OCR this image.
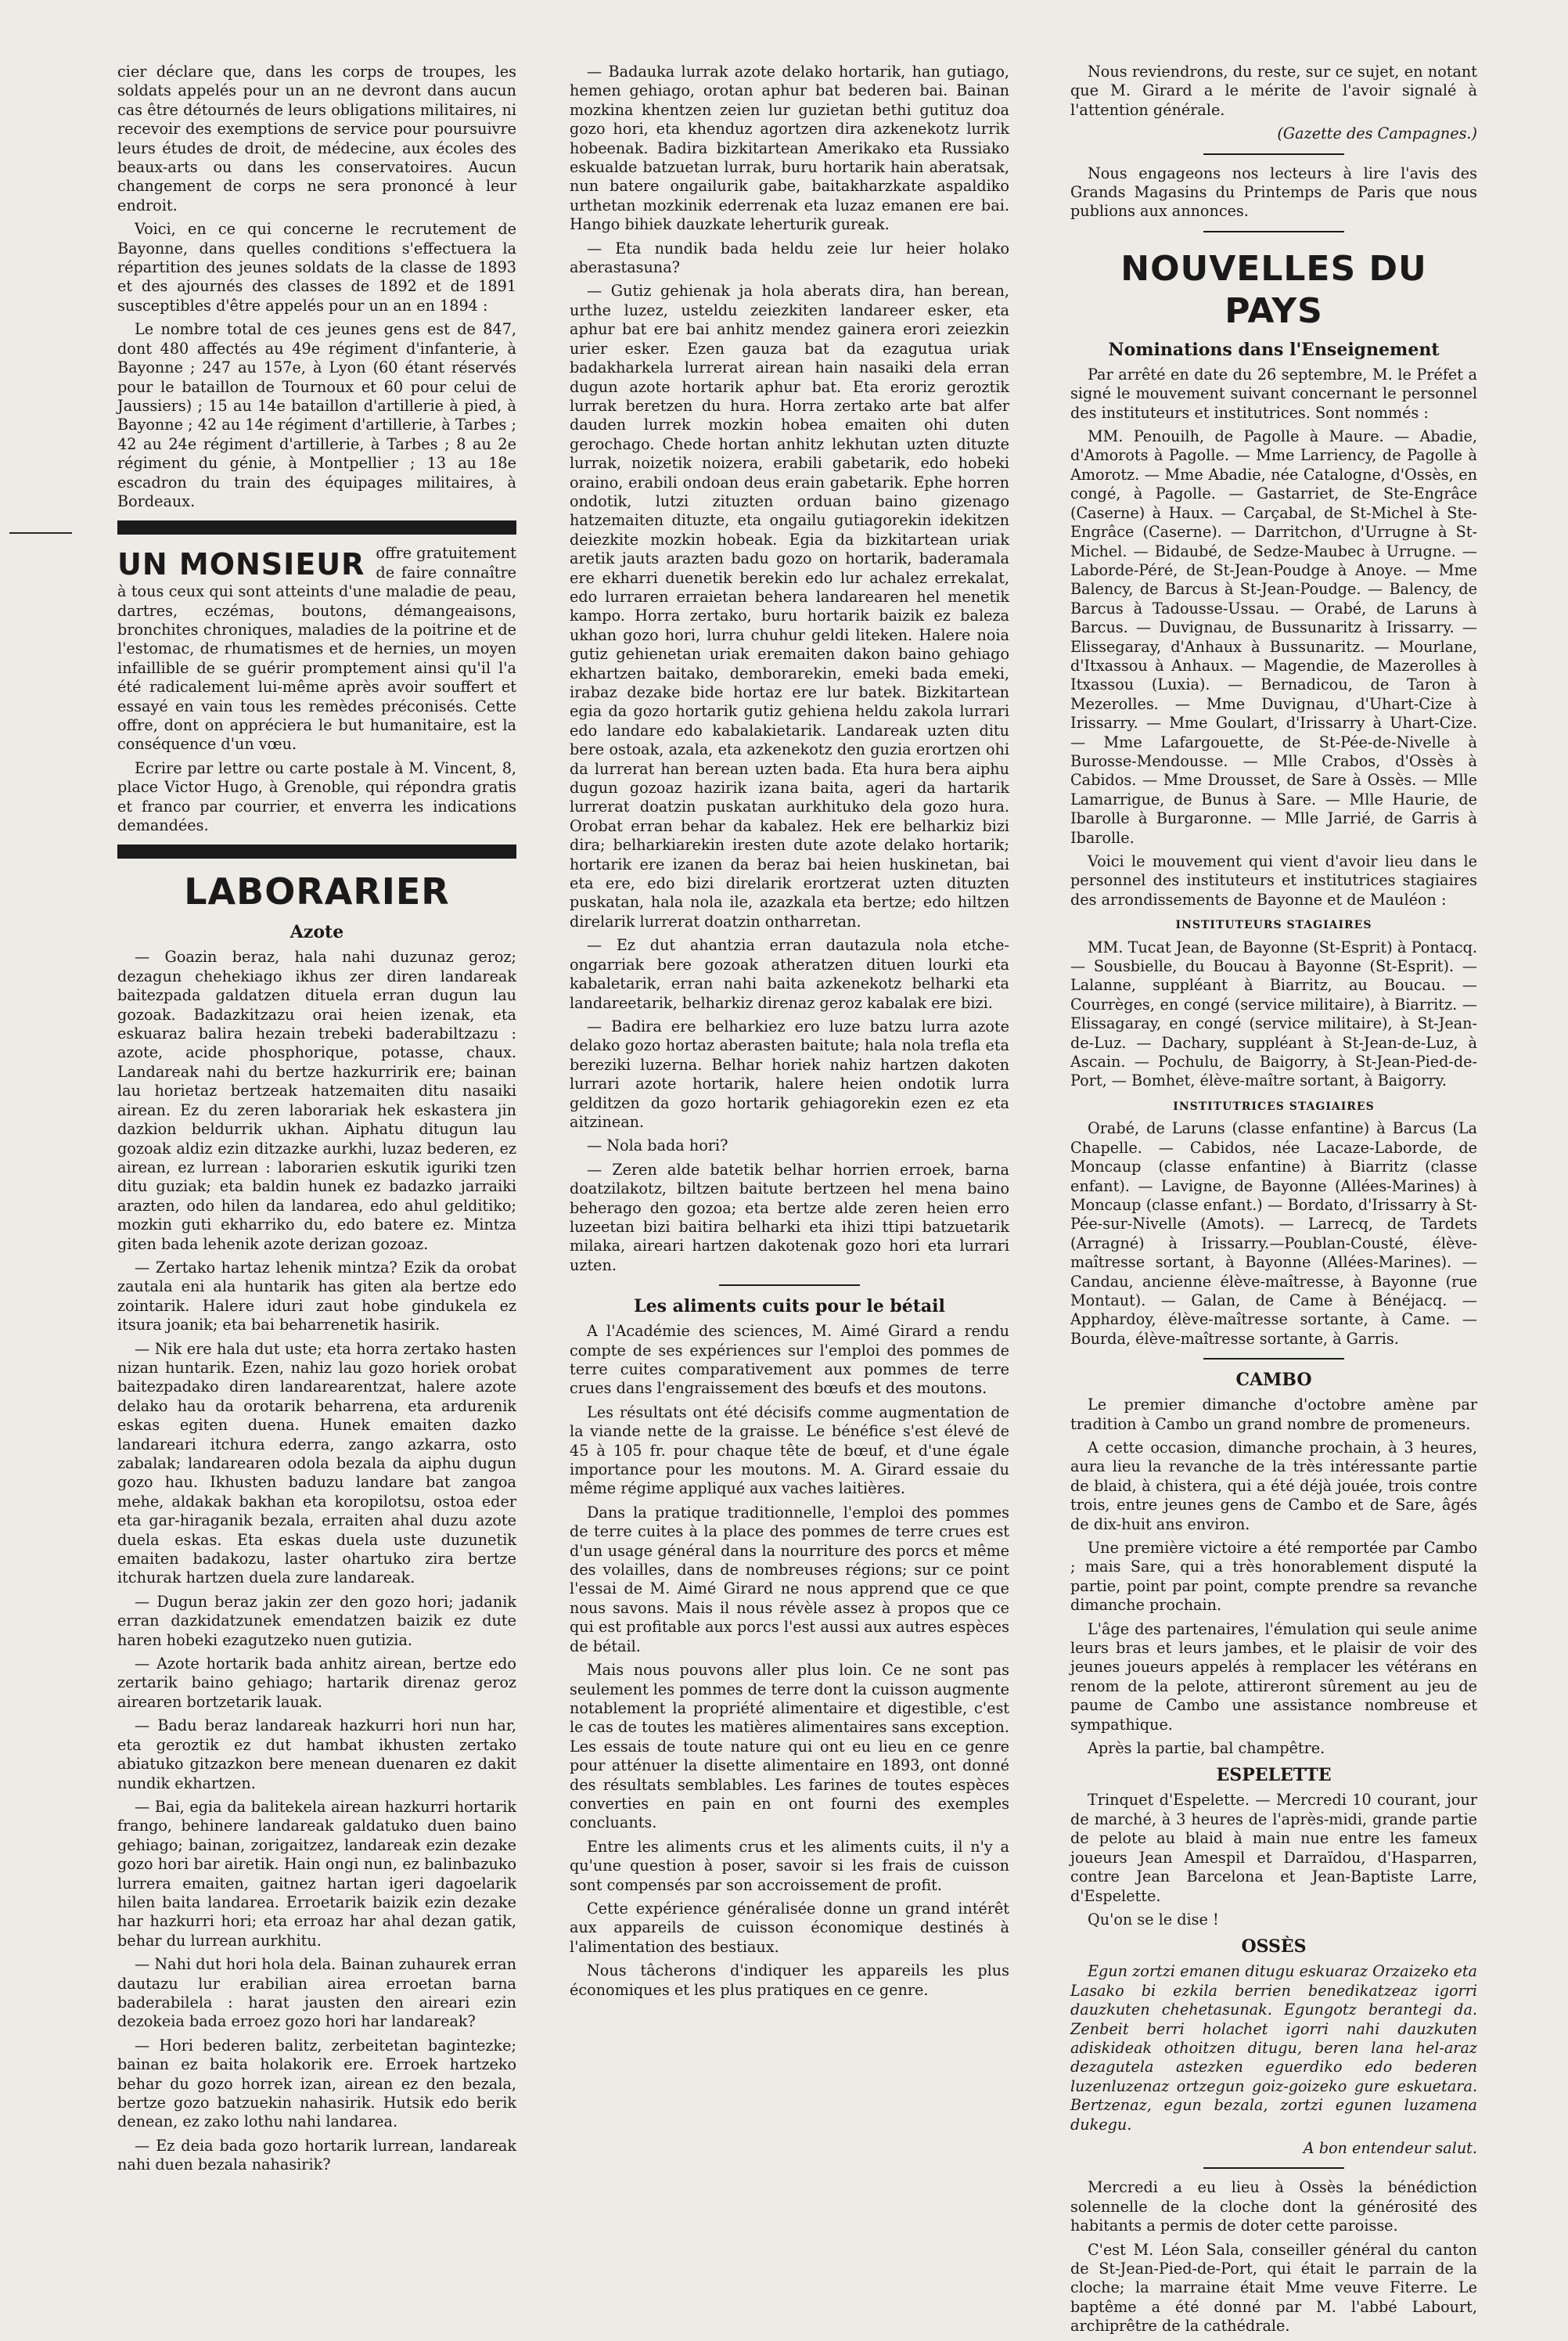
cier déclare que, dans les corps de troupes, les soldats appelés pour un an ne devront dans aucun cas être détournés de leurs obligations militaires, ni recevoir des exemptions de service pour poursuivre leurs études de droit, de médecine, aux écoles des beaux-arts ou dans les conservatoires. Aucun changement de corps ne sera prononcé à leur endroit.

Voici, en ce qui concerne le recrutement de Bayonne, dans quelles conditions s'effectuera la répartition des jeunes soldats de la classe de 1893 et des ajournés des classes de 1892 et de 1891 susceptibles d'être appelés pour un an en 1894 :

Le nombre total de ces jeunes gens est de 847, dont 480 affectés au 49e régiment d'infanterie, à Bayonne ; 247 au 157e, à Lyon (60 étant réservés pour le bataillon de Tournoux et 60 pour celui de Jaussiers) ; 15 au 14e bataillon d'artillerie à pied, à Bayonne ; 42 au 14e régiment d'artillerie, à Tarbes ; 42 au 24e régiment d'artillerie, à Tarbes ; 8 au 2e régiment du génie, à Montpellier ; 13 au 18e escadron du train des équipages militaires, à Bordeaux.

UN MONSIEUR offre gratuitement de faire connaître à tous ceux qui sont atteints d'une maladie de peau, dartres, eczémas, boutons, démangeaisons, bronchites chroniques, maladies de la poitrine et de l'estomac, de rhumatismes et de hernies, un moyen infaillible de se guérir promptement ainsi qu'il l'a été radicalement lui-même après avoir souffert et essayé en vain tous les remèdes préconisés. Cette offre, dont on appréciera le but humanitaire, est la conséquence d'un vœu.

Ecrire par lettre ou carte postale à M. Vincent, 8, place Victor Hugo, à Grenoble, qui répondra gratis et franco par courrier, et enverra les indications demandées.

LABORARIER
Azote

— Goazin beraz, hala nahi duzunaz geroz; dezagun chehekiago ikhus zer diren landareak baitezpada galdatzen dituela erran dugun lau gozoak. Badazkitzazu orai heien izenak, eta eskuaraz balira hezain trebeki baderabiltzazu : azote, acide phosphorique, potasse, chaux. Landareak nahi du bertze hazkurririk ere; bainan lau horietaz bertzeak hatzemaiten ditu nasaiki airean. Ez du zeren laborariak hek eskastera jin dazkion beldurrik ukhan. Aiphatu ditugun lau gozoak aldiz ezin ditzazke aurkhi, luzaz bederen, ez airean, ez lurrean : laborarien eskutik iguriki tzen ditu guziak; eta baldin hunek ez badazko jarraiki arazten, odo hilen da landarea, edo ahul gelditiko; mozkin guti ekharriko du, edo batere ez. Mintza giten bada lehenik azote derizan gozoaz.

— Zertako hartaz lehenik mintza? Ezik da orobat zautala eni ala huntarik has giten ala bertze edo zointarik. Halere iduri zaut hobe gindukela ez itsura joanik; eta bai beharrenetik hasirik.

— Nik ere hala dut uste; eta horra zertako hasten nizan huntarik. Ezen, nahiz lau gozo horiek orobat baitezpadako diren landarearentzat, halere azote delako hau da orotarik beharrena, eta ardurenik eskas egiten duena. Hunek emaiten dazko landareari itchura ederra, zango azkarra, osto zabalak; landarearen odola bezala da aiphu dugun gozo hau. Ikhusten baduzu landare bat zangoa mehe, aldakak bakhan eta koropilotsu, ostoa eder eta gar-hiraganik bezala, erraiten ahal duzu azote duela eskas. Eta eskas duela uste duzunetik emaiten badakozu, laster ohartuko zira bertze itchurak hartzen duela zure landareak.

— Dugun beraz jakin zer den gozo hori; jadanik erran dazkidatzunek emendatzen baizik ez dute haren hobeki ezagutzeko nuen gutizia.

— Azote hortarik bada anhitz airean, bertze edo zertarik baino gehiago; hartarik direnaz geroz airearen bortzetarik lauak.

— Badu beraz landareak hazkurri hori nun har, eta geroztik ez dut hambat ikhusten zertako abiatuko gitzazkon bere menean duenaren ez dakit nundik ekhartzen.

— Bai, egia da balitekela airean hazkurri hortarik frango, behinere landareak galdatuko duen baino gehiago; bainan, zorigaitzez, landareak ezin dezake gozo hori bar airetik. Hain ongi nun, ez balinbazuko lurrera emaiten, gaitnez hartan igeri dagoelarik hilen baita landarea. Erroetarik baizik ezin dezake har hazkurri hori; eta erroaz har ahal dezan gatik, behar du lurrean aurkhitu.

— Nahi dut hori hola dela. Bainan zuhaurek erran dautazu lur erabilian airea erroetan barna baderabilela : harat jausten den aireari ezin dezokeia bada erroez gozo hori har landareak?

— Hori bederen balitz, zerbeitetan bagintezke; bainan ez baita holakorik ere. Erroek hartzeko behar du gozo horrek izan, airean ez den bezala, bertze gozo batzuekin nahasirik. Hutsik edo berik denean, ez zako lothu nahi landarea.

— Ez deia bada gozo hortarik lurrean, landareak nahi duen bezala nahasirik?

— Badauka lurrak azote delako hortarik, han gutiago, hemen gehiago, orotan aphur bat bederen bai. Bainan mozkina khentzen zeien lur guzietan bethi gutituz doa gozo hori, eta khenduz agortzen dira azkenekotz lurrik hobeenak. Badira bizkitartean Amerikako eta Russiako eskualde batzuetan lurrak, buru hortarik hain aberatsak, nun batere ongailurik gabe, baitakharzkate aspaldiko urthetan mozkinik ederrenak eta luzaz emanen ere bai. Hango bihiek dauzkate leherturik gureak.

— Eta nundik bada heldu zeie lur heier holako aberastasuna?

— Gutiz gehienak ja hola aberats dira, han berean, urthe luzez, usteldu zeiezkiten landareer esker, eta aphur bat ere bai anhitz mendez gainera erori zeiezkin urier esker. Ezen gauza bat da ezagutua uriak badakharkela lurrerat airean hain nasaiki dela erran dugun azote hortarik aphur bat. Eta eroriz geroztik lurrak beretzen du hura. Horra zertako arte bat alfer dauden lurrek mozkin hobea emaiten ohi duten gerochago. Chede hortan anhitz lekhutan uzten dituzte lurrak, noizetik noizera, erabili gabetarik, edo hobeki oraino, erabili ondoan deus erain gabetarik. Ephe horren ondotik, lutzi zituzten orduan baino gizenago hatzemaiten dituzte, eta ongailu gutiagorekin idekitzen deiezkite mozkin hobeak. Egia da bizkitartean uriak aretik jauts arazten badu gozo on hortarik, baderamala ere ekharri duenetik berekin edo lur achalez errekalat, edo lurraren erraietan behera landarearen hel menetik kampo. Horra zertako, buru hortarik baizik ez baleza ukhan gozo hori, lurra chuhur geldi liteken. Halere noia gutiz gehienetan uriak eremaiten dakon baino gehiago ekhartzen baitako, demborarekin, emeki bada emeki, irabaz dezake bide hortaz ere lur batek. Bizkitartean egia da gozo hortarik gutiz gehiena heldu zakola lurrari edo landare edo kabalakietarik. Landareak uzten ditu bere ostoak, azala, eta azkenekotz den guzia erortzen ohi da lurrerat han berean uzten bada. Eta hura bera aiphu dugun gozoaz hazirik izana baita, ageri da hartarik lurrerat doatzin puskatan aurkhituko dela gozo hura. Orobat erran behar da kabalez. Hek ere belharkiz bizi dira; belharkiarekin iresten dute azote delako hortarik; hortarik ere izanen da beraz bai heien huskinetan, bai eta ere, edo bizi direlarik erortzerat uzten dituzten puskatan, hala nola ile, azazkala eta bertze; edo hiltzen direlarik lurrerat doatzin ontharretan.

— Ez dut ahantzia erran dautazula nola etche-ongarriak bere gozoak atheratzen dituen lourki eta kabaletarik, erran nahi baita azkenekotz belharki eta landareetarik, belharkiz direnaz geroz kabalak ere bizi.

— Badira ere belharkiez ero luze batzu lurra azote delako gozo hortaz aberasten baitute; hala nola trefla eta bereziki luzerna. Belhar horiek nahiz hartzen dakoten lurrari azote hortarik, halere heien ondotik lurra gelditzen da gozo hortarik gehiagorekin ezen ez eta aitzinean.

— Nola bada hori?

— Zeren alde batetik belhar horrien erroek, barna doatzilakotz, biltzen baitute bertzeen hel mena baino beherago den gozoa; eta bertze alde zeren heien erro luzeetan bizi baitira belharki eta ihizi ttipi batzuetarik milaka, aireari hartzen dakotenak gozo hori eta lurrari uzten.

Les aliments cuits pour le bétail

A l'Académie des sciences, M. Aimé Girard a rendu compte de ses expériences sur l'emploi des pommes de terre cuites comparativement aux pommes de terre crues dans l'engraissement des bœufs et des moutons.

Les résultats ont été décisifs comme augmentation de la viande nette de la graisse. Le bénéfice s'est élevé de 45 à 105 fr. pour chaque tête de bœuf, et d'une égale importance pour les moutons. M. A. Girard essaie du même régime appliqué aux vaches laitières.

Dans la pratique traditionnelle, l'emploi des pommes de terre cuites à la place des pommes de terre crues est d'un usage général dans la nourriture des porcs et même des volailles, dans de nombreuses régions; sur ce point l'essai de M. Aimé Girard ne nous apprend que ce que nous savons. Mais il nous révèle assez à propos que ce qui est profitable aux porcs l'est aussi aux autres espèces de bétail.

Mais nous pouvons aller plus loin. Ce ne sont pas seulement les pommes de terre dont la cuisson augmente notablement la propriété alimentaire et digestible, c'est le cas de toutes les matières alimentaires sans exception. Les essais de toute nature qui ont eu lieu en ce genre pour atténuer la disette alimentaire en 1893, ont donné des résultats semblables. Les farines de toutes espèces converties en pain en ont fourni des exemples concluants.

Entre les aliments crus et les aliments cuits, il n'y a qu'une question à poser, savoir si les frais de cuisson sont compensés par son accroissement de profit.

Cette expérience généralisée donne un grand intérêt aux appareils de cuisson économique destinés à l'alimentation des bestiaux.

Nous tâcherons d'indiquer les appareils les plus économiques et les plus pratiques en ce genre.

Nous reviendrons, du reste, sur ce sujet, en notant que M. Girard a le mérite de l'avoir signalé à l'attention générale.

(Gazette des Campagnes.)

Nous engageons nos lecteurs à lire l'avis des Grands Magasins du Printemps de Paris que nous publions aux annonces.

NOUVELLES DU PAYS
Nominations dans l'Enseignement

Par arrêté en date du 26 septembre, M. le Préfet a signé le mouvement suivant concernant le personnel des instituteurs et institutrices. Sont nommés :

MM. Penouilh, de Pagolle à Maure. — Abadie, d'Amorots à Pagolle. — Mme Larriency, de Pagolle à Amorotz. — Mme Abadie, née Catalogne, d'Ossès, en congé, à Pagolle. — Gastarriet, de Ste-Engrâce (Caserne) à Haux. — Carçabal, de St-Michel à Ste-Engrâce (Caserne). — Darritchon, d'Urrugne à St-Michel. — Bidaubé, de Sedze-Maubec à Urrugne. — Laborde-Péré, de St-Jean-Poudge à Anoye. — Mme Balency, de Barcus à St-Jean-Poudge. — Balency, de Barcus à Tadousse-Ussau. — Orabé, de Laruns à Barcus. — Duvignau, de Bussunaritz à Irissarry. — Elissegaray, d'Anhaux à Bussunaritz. — Mourlane, d'Itxassou à Anhaux. — Magendie, de Mazerolles à Itxassou (Luxia). — Bernadicou, de Taron à Mezerolles. — Mme Duvignau, d'Uhart-Cize à Irissarry. — Mme Goulart, d'Irissarry à Uhart-Cize. — Mme Lafargouette, de St-Pée-de-Nivelle à Burosse-Mendousse. — Mlle Crabos, d'Ossès à Cabidos. — Mme Drousset, de Sare à Ossès. — Mlle Lamarrigue, de Bunus à Sare. — Mlle Haurie, de Ibarolle à Burgaronne. — Mlle Jarrié, de Garris à Ibarolle.

Voici le mouvement qui vient d'avoir lieu dans le personnel des instituteurs et institutrices stagiaires des arrondissements de Bayonne et de Mauléon :

INSTITUTEURS STAGIAIRES

MM. Tucat Jean, de Bayonne (St-Esprit) à Pontacq. — Sousbielle, du Boucau à Bayonne (St-Esprit). — Lalanne, suppléant à Biarritz, au Boucau. — Courrèges, en congé (service militaire), à Biarritz. — Elissagaray, en congé (service militaire), à St-Jean-de-Luz. — Dachary, suppléant à St-Jean-de-Luz, à Ascain. — Pochulu, de Baigorry, à St-Jean-Pied-de-Port, — Bomhet, élève-maître sortant, à Baigorry.

INSTITUTRICES STAGIAIRES

Orabé, de Laruns (classe enfantine) à Barcus (La Chapelle. — Cabidos, née Lacaze-Laborde, de Moncaup (classe enfantine) à Biarritz (classe enfant). — Lavigne, de Bayonne (Allées-Marines) à Moncaup (classe enfant.) — Bordato, d'Irissarry à St-Pée-sur-Nivelle (Amots). — Larrecq, de Tardets (Arragné) à Irissarry.—Poublan-Cousté, élève-maîtresse sortant, à Bayonne (Allées-Marines). — Candau, ancienne élève-maîtresse, à Bayonne (rue Montaut). — Galan, de Came à Bénéjacq. — Apphardoy, élève-maîtresse sortante, à Came. — Bourda, élève-maîtresse sortante, à Garris.

CAMBO

Le premier dimanche d'octobre amène par tradition à Cambo un grand nombre de promeneurs.

A cette occasion, dimanche prochain, à 3 heures, aura lieu la revanche de la très intéressante partie de blaid, à chistera, qui a été déjà jouée, trois contre trois, entre jeunes gens de Cambo et de Sare, âgés de dix-huit ans environ.

Une première victoire a été remportée par Cambo ; mais Sare, qui a très honorablement disputé la partie, point par point, compte prendre sa revanche dimanche prochain.

L'âge des partenaires, l'émulation qui seule anime leurs bras et leurs jambes, et le plaisir de voir des jeunes joueurs appelés à remplacer les vétérans en renom de la pelote, attireront sûrement au jeu de paume de Cambo une assistance nombreuse et sympathique.

Après la partie, bal champêtre.

ESPELETTE

Trinquet d'Espelette. — Mercredi 10 courant, jour de marché, à 3 heures de l'après-midi, grande partie de pelote au blaid à main nue entre les fameux joueurs Jean Amespil et Darraïdou, d'Hasparren, contre Jean Barcelona et Jean-Baptiste Larre, d'Espelette.

Qu'on se le dise !

OSSÈS

Egun zortzi emanen ditugu eskuaraz Orzaizeko eta Lasako bi ezkila berrien benedikatzeaz igorri dauzkuten chehetasunak. Egungotz berantegi da. Zenbeit berri holachet igorri nahi dauzkuten adiskideak othoitzen ditugu, beren lana hel-araz dezagutela astezken eguerdiko edo bederen luzenluzenaz ortzegun goiz-goizeko gure eskuetara. Bertzenaz, egun bezala, zortzi egunen luzamena dukegu.

A bon entendeur salut.

Mercredi a eu lieu à Ossès la bénédiction solennelle de la cloche dont la générosité des habitants a permis de doter cette paroisse.

C'est M. Léon Sala, conseiller général du canton de St-Jean-Pied-de-Port, qui était le parrain de la cloche; la marraine était Mme veuve Fiterre. Le baptême a été donné par M. l'abbé Labourt, archiprêtre de la cathédrale.
